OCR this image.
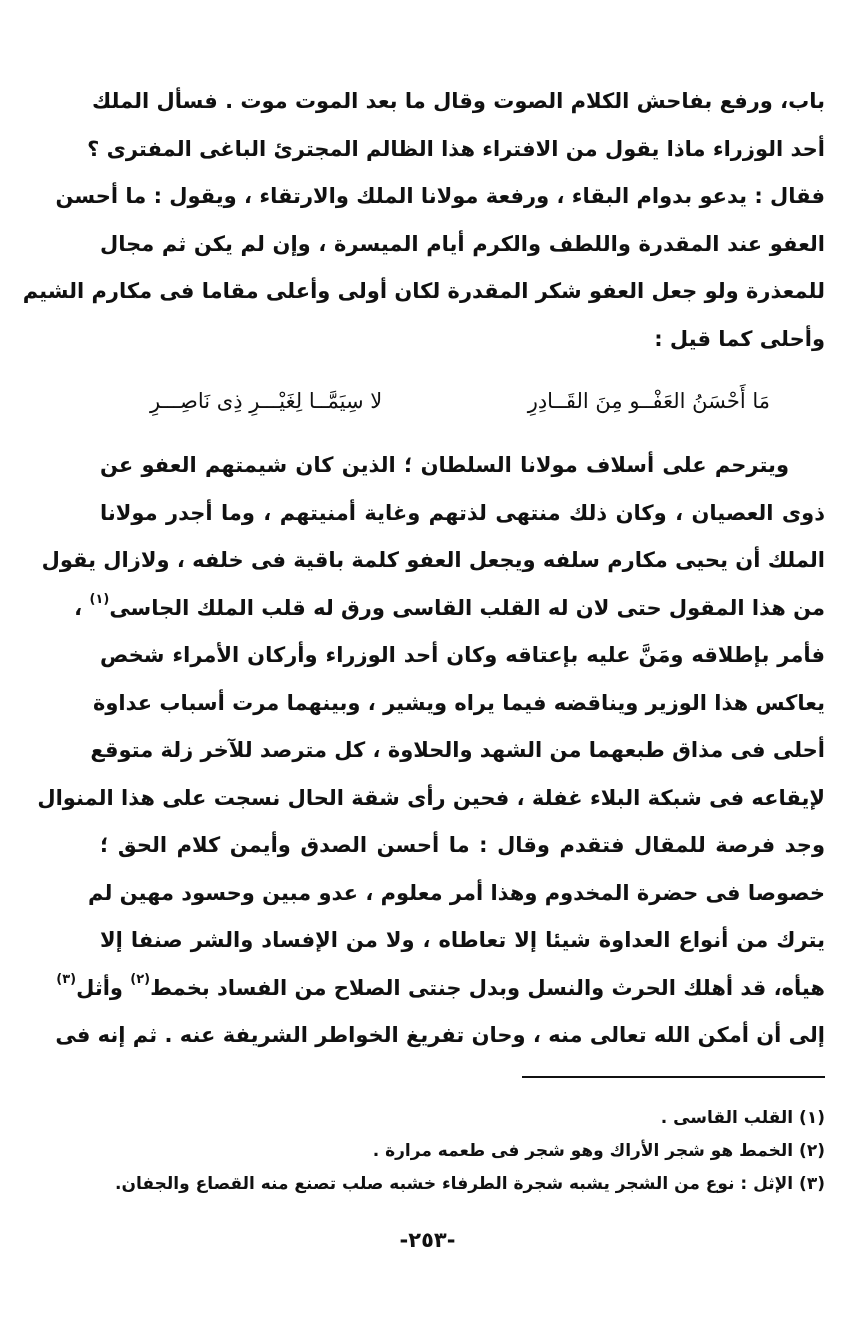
باب، ورفع بفاحش الكلام الصوت وقال ما بعد الموت موت . فسأل الملك
أحد الوزراء ماذا يقول من الافتراء هذا الظالم المجترئ الباغى المفترى ؟
فقال : يدعو بدوام البقاء ، ورفعة مولانا الملك والارتقاء ، ويقول : ما أحسن
العفو عند المقدرة واللطف والكرم أيام الميسرة ، وإن لم يكن ثم مجال
للمعذرة ولو جعل العفو شكر المقدرة لكان أولى وأعلى مقاما فى مكارم الشيم
وأحلى كما قيل :
مَا أَحْسَنُ العَفْــو مِنَ القَــادِرِ
لا سِيَمَّــا لِغَيْـــرِ ذِى نَاصِـــرِ
ويترحم على أسلاف مولانا السلطان ؛ الذين كان شيمتهم العفو عن
ذوى العصيان ، وكان ذلك منتهى لذتهم وغاية أمنيتهم ، وما أجدر مولانا
الملك أن يحيى مكارم سلفه ويجعل العفو كلمة باقية فى خلفه ، ولازال يقول
من هذا المقول حتى لان له القلب القاسى ورق له قلب الملك الجاسى$^{(١)}$ ،
فأمر بإطلاقه ومَنَّ عليه بإعتاقه وكان أحد الوزراء وأركان الأمراء شخص
يعاكس هذا الوزير ويناقضه فيما يراه ويشير ، وبينهما مرت أسباب عداوة
أحلى فى مذاق طبعهما من الشهد والحلاوة ، كل مترصد للآخر زلة متوقع
لإيقاعه فى شبكة البلاء غفلة ، فحين رأى شقة الحال نسجت على هذا المنوال
وجد فرصة للمقال فتقدم وقال : ما أحسن الصدق وأيمن كلام الحق ؛
خصوصا فى حضرة المخدوم وهذا أمر معلوم ، عدو مبين وحسود مهين لم
يترك من أنواع العداوة شيئا إلا تعاطاه ، ولا من الإفساد والشر صنفا إلا
هيأه، قد أهلك الحرث والنسل وبدل جنتى الصلاح من الفساد بخمط$^{(٢)}$ وأثل$^{(٣)}$
إلى أن أمكن الله تعالى منه ، وحان تفريغ الخواطر الشريفة عنه . ثم إنه فى
(١) القلب القاسى .
(٢) الخمط هو شجر الأراك وهو شجر فى طعمه مرارة .
(٣) الإثل : نوع من الشجر يشبه شجرة الطرفاء خشبه صلب تصنع منه القصاع والجفان.
-٢٥٣-
